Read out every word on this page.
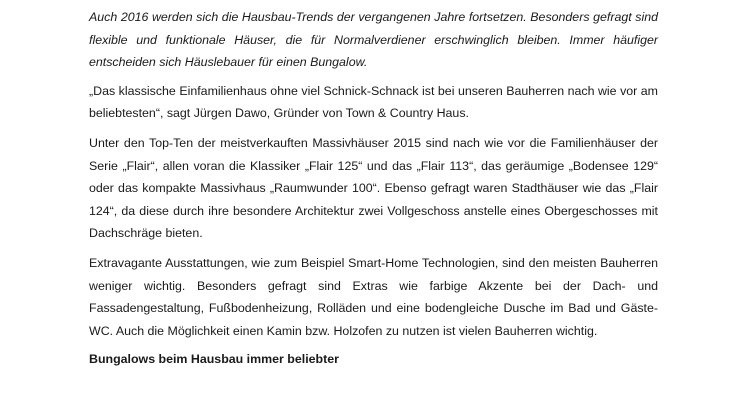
Auch 2016 werden sich die Hausbau-Trends der vergangenen Jahre fortsetzen. Besonders gefragt sind flexible und funktionale Häuser, die für Normalverdiener erschwinglich bleiben. Immer häufiger entscheiden sich Häuslebauer für einen Bungalow.

„Das klassische Einfamilienhaus ohne viel Schnick-Schnack ist bei unseren Bauherren nach wie vor am beliebtesten“, sagt Jürgen Dawo, Gründer von Town & Country Haus.

Unter den Top-Ten der meistverkauften Massivhäuser 2015 sind nach wie vor die Familienhäuser der Serie „Flair“, allen voran die Klassiker „Flair 125“ und das „Flair 113“, das geräumige „Bodensee 129“ oder das kompakte Massivhaus „Raumwunder 100“. Ebenso gefragt waren Stadthäuser wie das „Flair 124“, da diese durch ihre besondere Architektur zwei Vollgeschoss anstelle eines Obergeschosses mit Dachschräge bieten.

Extravagante Ausstattungen, wie zum Beispiel Smart-Home Technologien, sind den meisten Bauherren weniger wichtig. Besonders gefragt sind Extras wie farbige Akzente bei der Dach- und Fassadengestaltung, Fußbodenheizung, Rolläden und eine bodengleiche Dusche im Bad und Gäste-WC. Auch die Möglichkeit einen Kamin bzw. Holzofen zu nutzen ist vielen Bauherren wichtig.

Bungalows beim Hausbau immer beliebter
